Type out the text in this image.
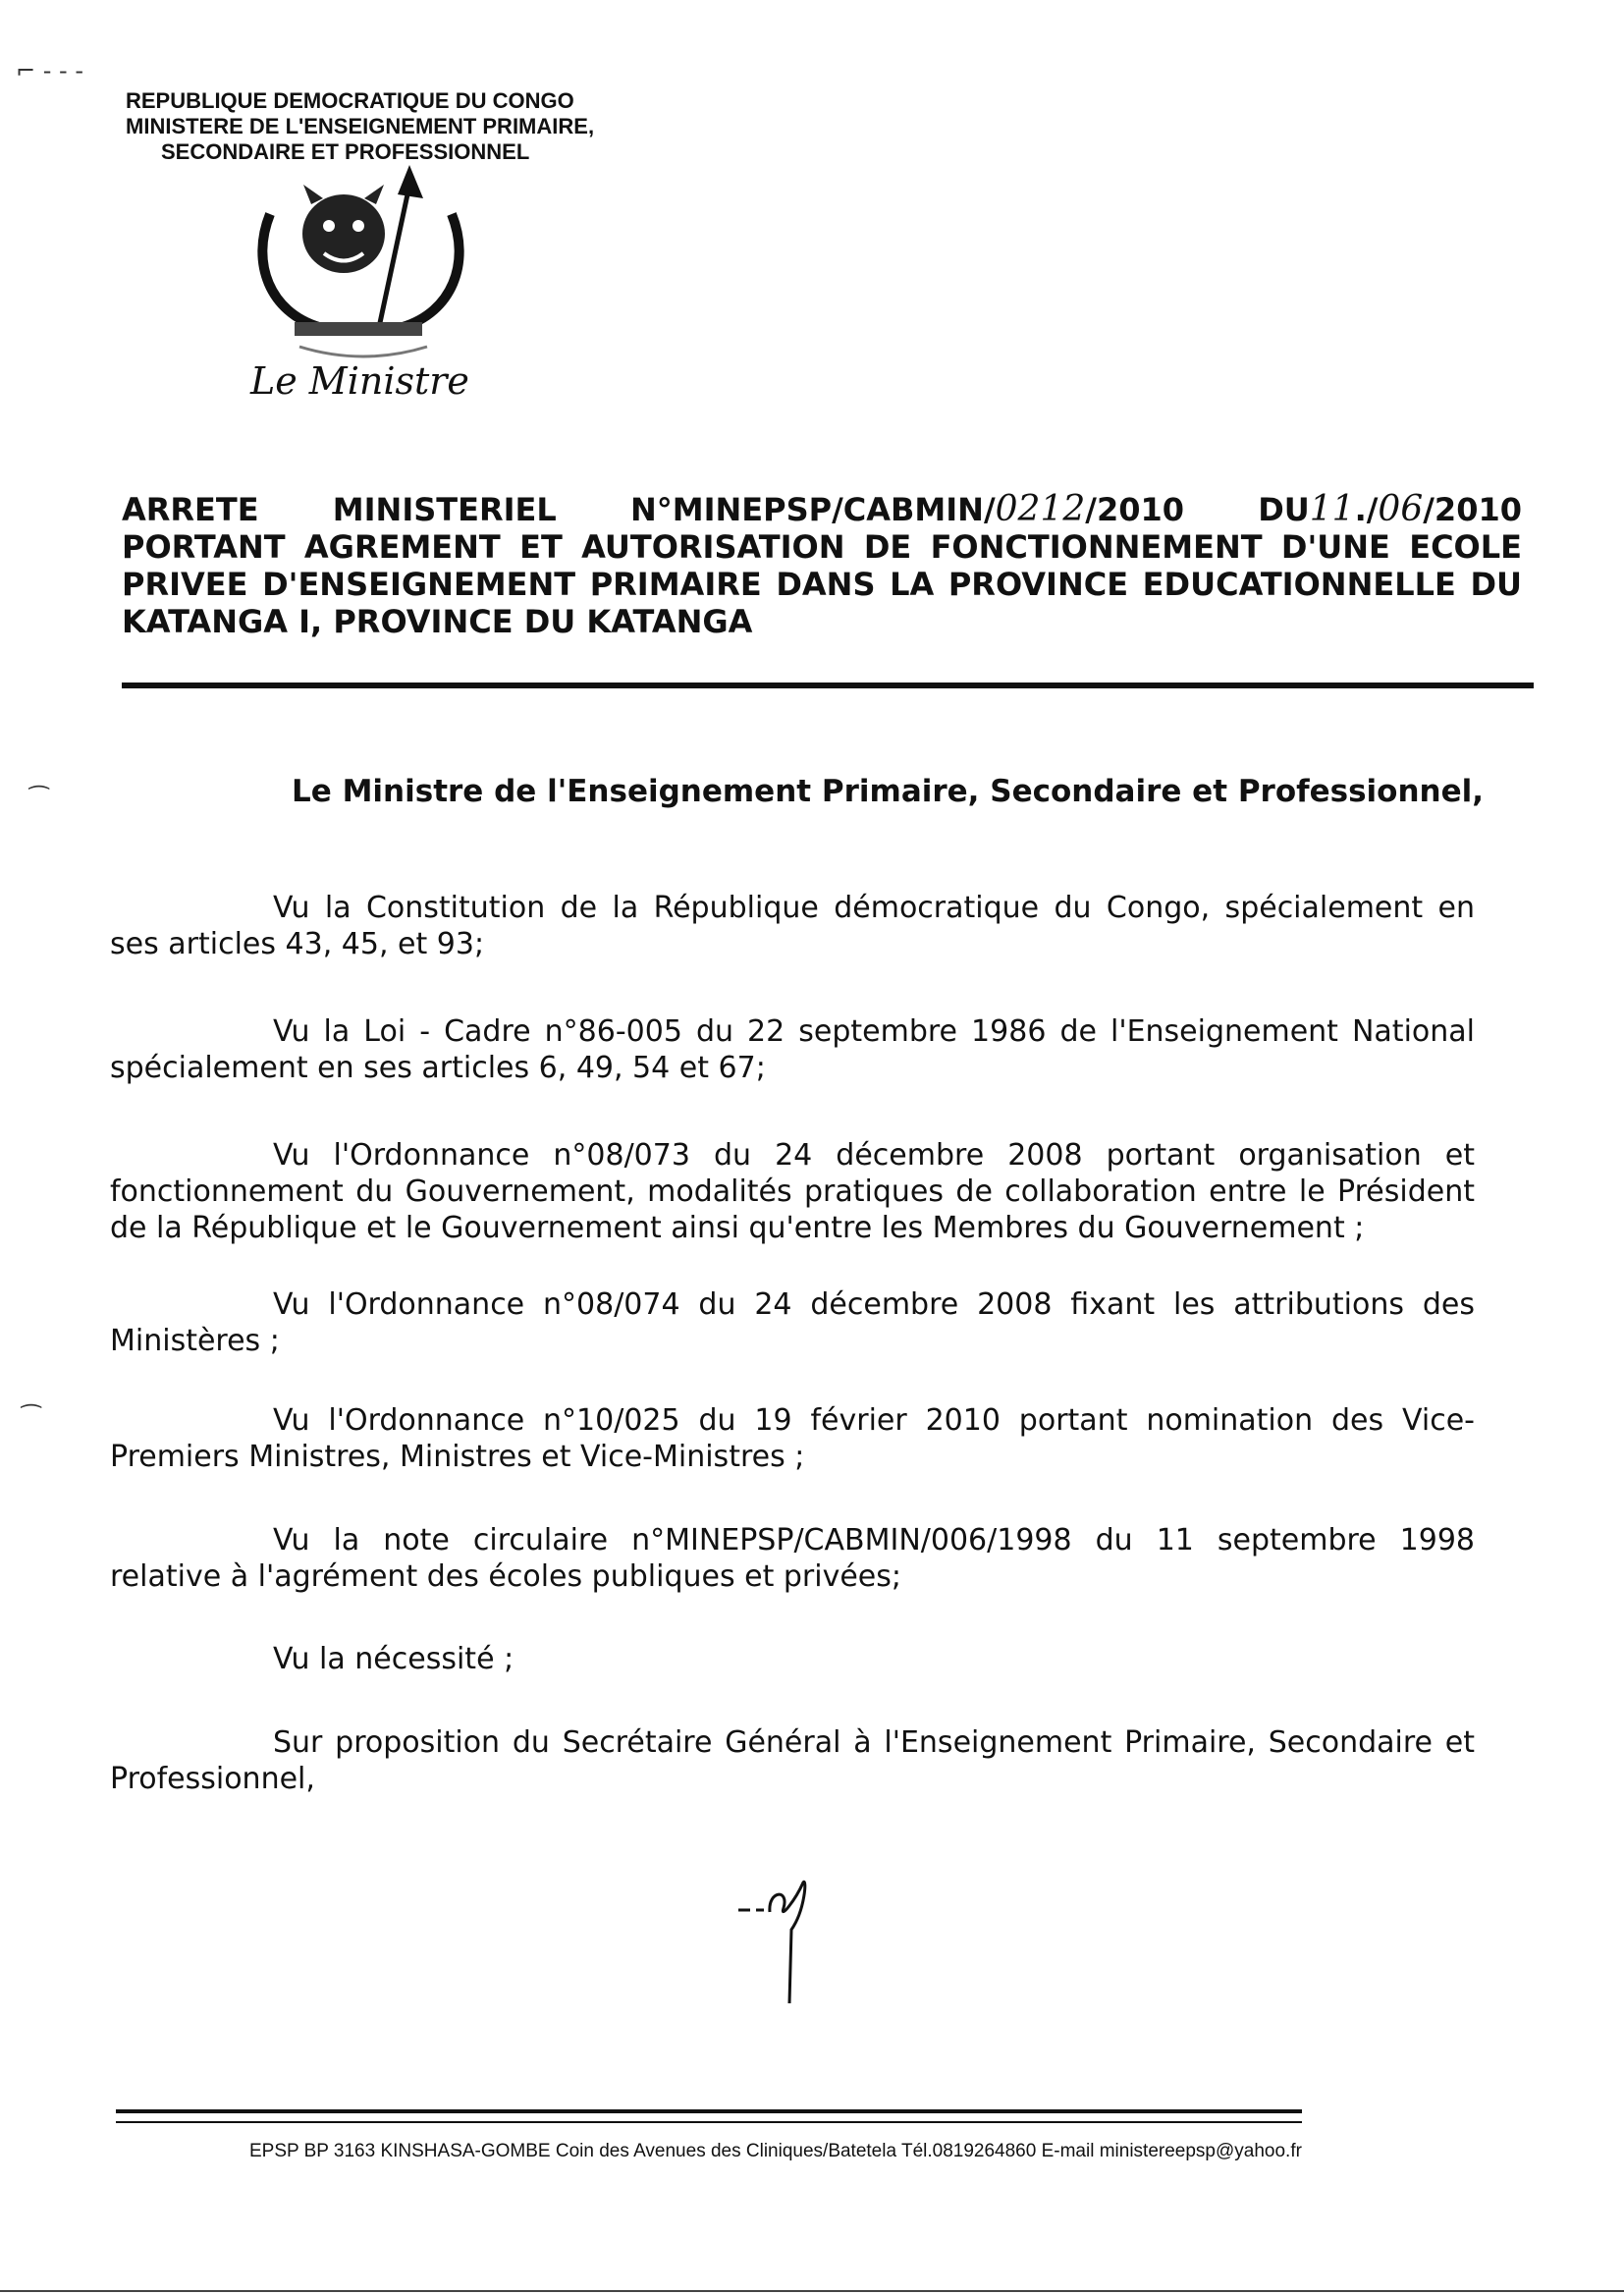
⌐ ‐ ‐ ‐
⁀
⁀
REPUBLIQUE DEMOCRATIQUE DU CONGO
MINISTERE DE L'ENSEIGNEMENT PRIMAIRE,
SECONDAIRE ET PROFESSIONNEL
Le Ministre
ARRETE MINISTERIEL N°MINEPSP/CABMIN/0212/2010 DU11./06/2010
PORTANT AGREMENT ET AUTORISATION DE FONCTIONNEMENT D'UNE ECOLE
PRIVEE D'ENSEIGNEMENT PRIMAIRE DANS LA PROVINCE EDUCATIONNELLE DU
KATANGA I, PROVINCE DU KATANGA
Le Ministre de l'Enseignement Primaire, Secondaire et Professionnel,
Vu la Constitution de la République démocratique du Congo, spécialement en ses articles 43, 45, et 93;
Vu la Loi - Cadre n°86-005 du 22 septembre 1986 de l'Enseignement National spécialement en ses articles 6, 49, 54 et 67;
Vu l'Ordonnance n°08/073 du 24 décembre 2008 portant organisation et fonctionnement du Gouvernement, modalités pratiques de collaboration entre le Président de la République et le Gouvernement ainsi qu'entre les Membres du Gouvernement ;
Vu l'Ordonnance n°08/074 du 24 décembre 2008 fixant les attributions des Ministères ;
Vu l'Ordonnance n°10/025 du 19 février 2010 portant nomination des Vice-Premiers Ministres, Ministres et Vice-Ministres ;
Vu la note circulaire n°MINEPSP/CABMIN/006/1998 du 11 septembre 1998 relative à l'agrément des écoles publiques et privées;
Vu la nécessité ;
Sur proposition du Secrétaire Général à l'Enseignement Primaire, Secondaire et Professionnel,
EPSP BP 3163 KINSHASA-GOMBE Coin des Avenues des Cliniques/Batetela Tél.0819264860 E-mail ministereepsp@yahoo.fr
